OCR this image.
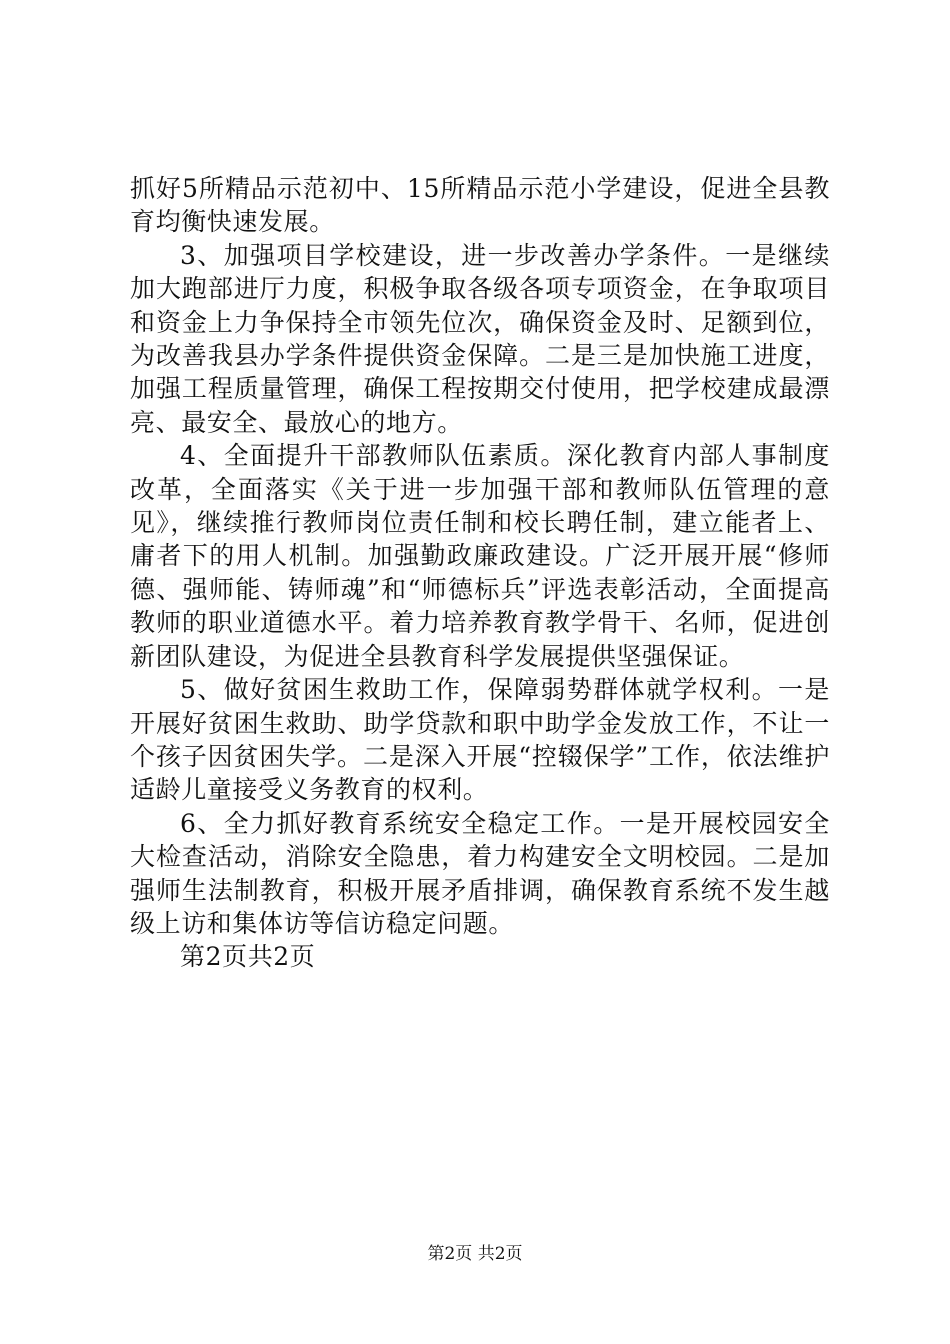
抓好5所精品示范初中、15所精品示范小学建设，促进全县教育均衡快速发展。

3、加强项目学校建设，进一步改善办学条件。一是继续加大跑部进厅力度，积极争取各级各项专项资金，在争取项目和资金上力争保持全市领先位次，确保资金及时、足额到位，为改善我县办学条件提供资金保障。二是三是加快施工进度，加强工程质量管理，确保工程按期交付使用，把学校建成最漂亮、最安全、最放心的地方。

4、全面提升干部教师队伍素质。深化教育内部人事制度改革，全面落实《关于进一步加强干部和教师队伍管理的意见》，继续推行教师岗位责任制和校长聘任制，建立能者上、庸者下的用人机制。加强勤政廉政建设。广泛开展开展“修师德、强师能、铸师魂”和“师德标兵”评选表彰活动，全面提高教师的职业道德水平。着力培养教育教学骨干、名师，促进创新团队建设，为促进全县教育科学发展提供坚强保证。

5、做好贫困生救助工作，保障弱势群体就学权利。一是开展好贫困生救助、助学贷款和职中助学金发放工作，不让一个孩子因贫困失学。二是深入开展“控辍保学”工作，依法维护适龄儿童接受义务教育的权利。

6、全力抓好教育系统安全稳定工作。一是开展校园安全大检查活动，消除安全隐患，着力构建安全文明校园。二是加强师生法制教育，积极开展矛盾排调，确保教育系统不发生越级上访和集体访等信访稳定问题。

第2页共2页

第2页 共2页
